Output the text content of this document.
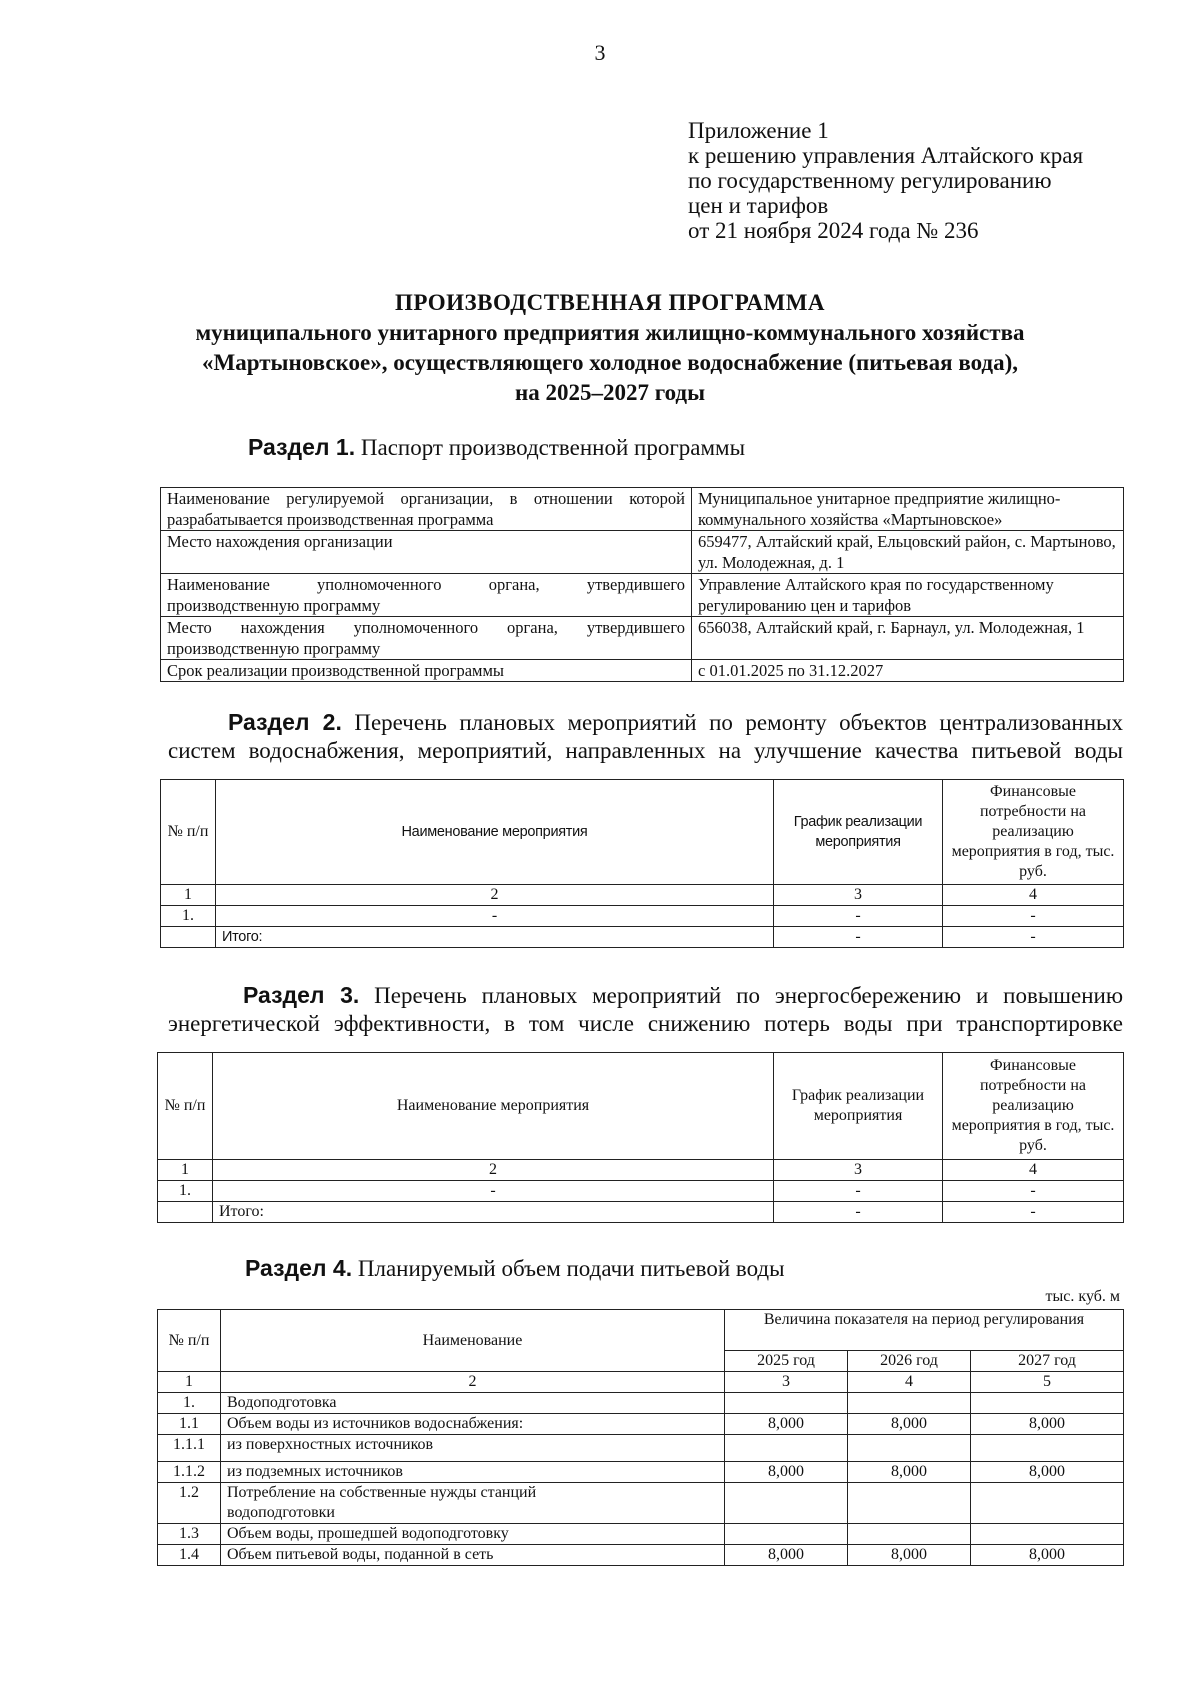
3
Приложение 1
к решению управления Алтайского края
по государственному регулированию
цен и тарифов
от 21 ноября 2024 года № 236
ПРОИЗВОДСТВЕННАЯ ПРОГРАММА
муниципального унитарного предприятия жилищно-коммунального хозяйства
«Мартыновское», осуществляющего холодное водоснабжение (питьевая вода),
на 2025–2027 годы
Раздел 1. Паспорт производственной программы
Наименование регулируемой организации, в отношении которой разрабатывается производственная программа	Муниципальное унитарное предприятие жилищно-коммунального хозяйства «Мартыновское»
Место нахождения организации	659477, Алтайский край, Ельцовский район, с. Мартыново, ул. Молодежная, д. 1
Наименование уполномоченного органа, утвердившего производственную программу	Управление Алтайского края по государственному регулированию цен и тарифов
Место нахождения уполномоченного органа, утвердившего производственную программу	656038, Алтайский край, г. Барнаул, ул. Молодежная, 1
Срок реализации производственной программы	с 01.01.2025 по 31.12.2027
Раздел 2. Перечень плановых мероприятий по ремонту объектов централизованных
систем водоснабжения, мероприятий, направленных на улучшение качества питьевой воды
№ п/п	Наименование мероприятия	График реализации мероприятия	Финансовые потребности на реализацию мероприятия в год, тыс. руб.
1	2	3	4
1.	-	-	-
	Итого:	-	-
Раздел 3. Перечень плановых мероприятий по энергосбережению и повышению
энергетической эффективности, в том числе снижению потерь воды при транспортировке
№ п/п	Наименование мероприятия	График реализации мероприятия	Финансовые потребности на реализацию мероприятия в год, тыс. руб.
1	2	3	4
1.	-	-	-
	Итого:	-	-
Раздел 4. Планируемый объем подачи питьевой воды
тыс. куб. м
№ п/п	Наименование	Величина показателя на период регулирования		
		2025 год	2026 год	2027 год
1	2	3	4	5
1.	Водоподготовка			
1.1	Объем воды из источников водоснабжения:	8,000	8,000	8,000
1.1.1	из поверхностных источников			
1.1.2	из подземных источников	8,000	8,000	8,000
1.2	Потребление на собственные нужды станций водоподготовки			
1.3	Объем воды, прошедшей водоподготовку			
1.4	Объем питьевой воды, поданной в сеть	8,000	8,000	8,000
